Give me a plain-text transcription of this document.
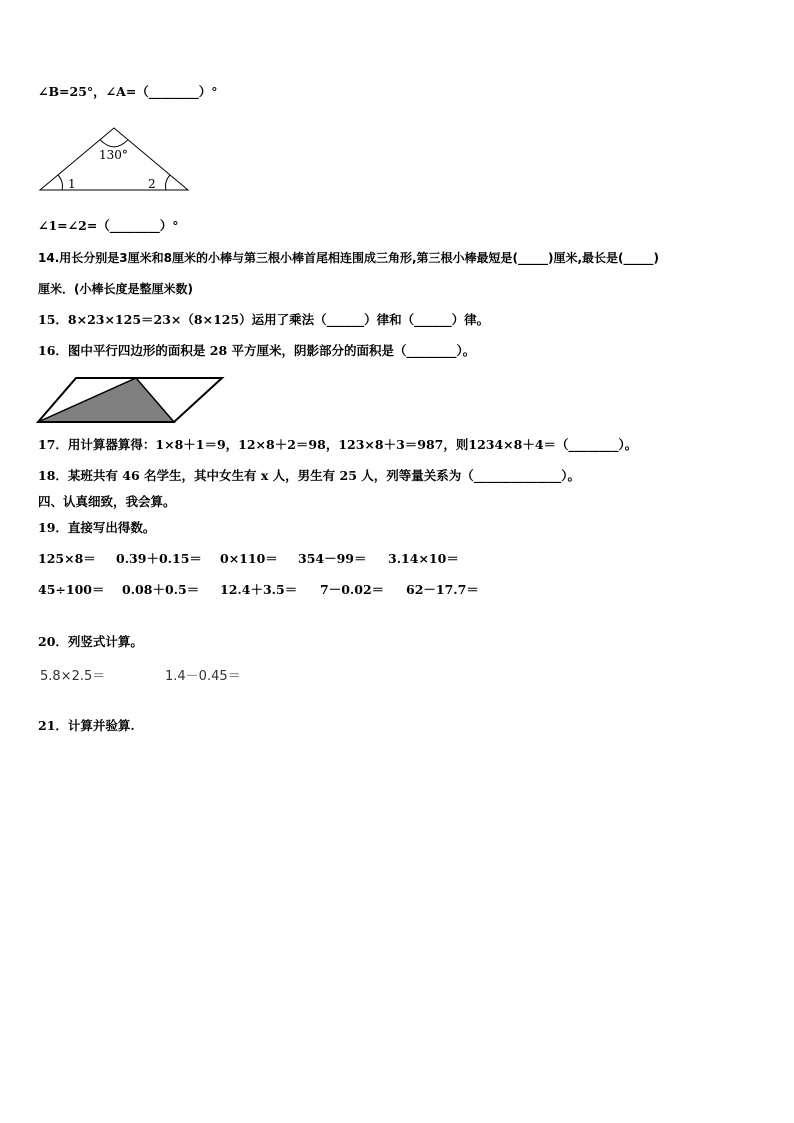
∠B=25°，∠A=（________）°
130°
1	2
∠1=∠2=（________）°
14.用长分别是3厘米和8厘米的小棒与第三根小棒首尾相连围成三角形,第三根小棒最短是(_____)厘米,最长是(_____)
厘米．(小棒长度是整厘米数)
15．8×23×125＝23×（8×125）运用了乘法（______）律和（______）律。
16．图中平行四边形的面积是 28 平方厘米，阴影部分的面积是（________）。
17．用计算器算得：1×8＋1＝9，12×8＋2＝98，123×8＋3＝987，则1234×8＋4＝（________）。
18．某班共有 46 名学生，其中女生有 x 人，男生有 25 人，列等量关系为（______________）。
四、认真细致，我会算。
19．直接写出得数。
125×8＝ 0.39＋0.15＝ 0×110＝ 354－99＝ 3.14×10＝
45÷100＝ 0.08＋0.5＝ 12.4＋3.5＝ 7－0.02＝ 62－17.7＝
20．列竖式计算。
5.8×2.5＝	1.4－0.45＝
21．计算并验算.
